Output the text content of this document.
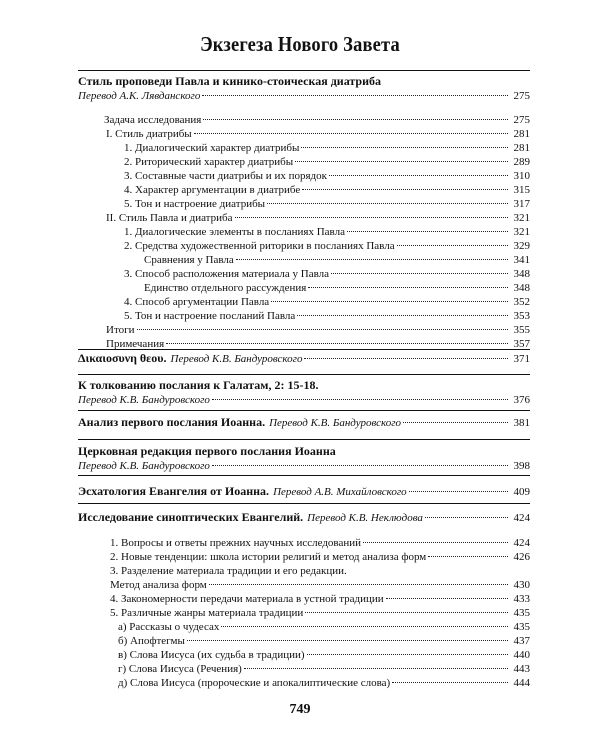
Экзегеза Нового Завета
Стиль проповеди Павла и кинико-стоическая диатриба
Перевод А.К. Лявданского	275
Задача исследования	275
I. Стиль диатрибы	281
1. Диалогический характер диатрибы	281
2. Риторический характер диатрибы	289
3. Составные части диатрибы и их порядок	310
4. Характер аргументации в диатрибе	315
5. Тон и настроение диатрибы	317
II. Стиль Павла и диатриба	321
1. Диалогические элементы в посланиях Павла	321
2. Средства художественной риторики в посланиях Павла	329
Сравнения у Павла	341
3. Способ расположения материала у Павла	348
Единство отдельного рассуждения	348
4. Способ аргументации Павла	352
5. Тон и настроение посланий Павла	353
Итоги	355
Примечания	357
Δικαιοσυνη θεου. Перевод К.В. Бандуровского	371
К толкованию послания к Галатам, 2: 15-18.
Перевод К.В. Бандуровского	376
Анализ первого послания Иоанна. Перевод К.В. Бандуровского	381
Церковная редакция первого послания Иоанна
Перевод К.В. Бандуровского	398
Эсхатология Евангелия от Иоанна. Перевод А.В. Михайловского	409
Исследование синоптических Евангелий. Перевод К.В. Неклюдова	424
1. Вопросы и ответы прежних научных исследований	424
2. Новые тенденции: школа истории религий и метод анализа форм	426
3. Разделение материала традиции и его редакции.
Метод анализа форм	430
4. Закономерности передачи материала в устной традиции	433
5. Различные жанры материала традиции	435
а) Рассказы о чудесах	435
б) Апофтегмы	437
в) Слова Иисуса (их судьба в традиции)	440
г) Слова Иисуса (Речения)	443
д) Слова Иисуса (пророческие и апокалиптические слова)	444
749
